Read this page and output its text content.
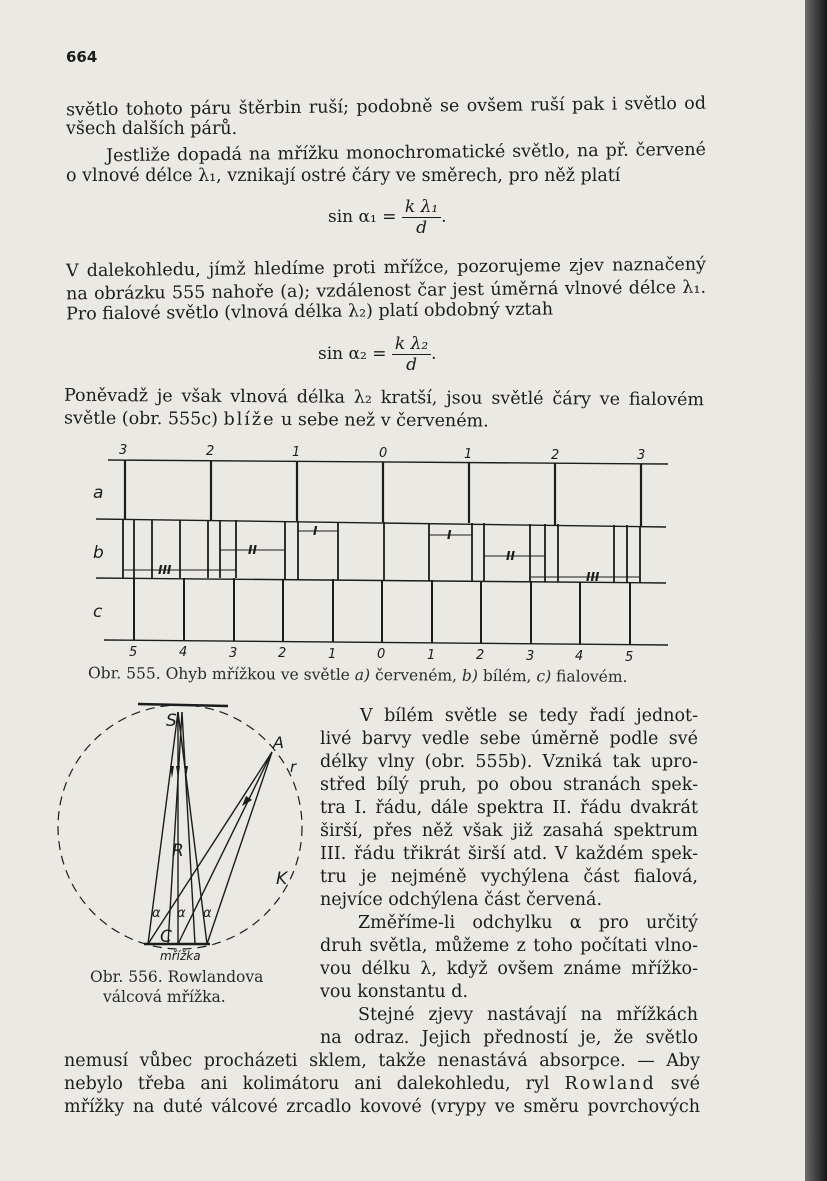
664

světlo tohoto páru štěrbin ruší; podobně se ovšem ruší pak i světlo od

všech dalších párů.

Jestliže dopadá na mřížku monochromatické světlo, na př. červené

o vlnové délce λ₁, vznikají ostré čáry ve směrech, pro něž platí

$\sin \alpha_1 = \frac{\text{k λ₁}}{d}$ .

V dalekohledu, jímž hledíme proti mřížce, pozorujeme zjev naznačený

na obrázku 555 nahoře (a); vzdálenost čar jest úměrná vlnové délce λ₁.

Pro fialové světlo (vlnová délka λ₂) platí obdobný vztah

$\sin \alpha_2 = \frac{\text{k λ₂}}{d}$ .

Poněvadž je však vlnová délka λ₂ kratší, jsou světlé čáry ve fialovém

světle (obr. 555c) blíže u sebe než v červeném.

a
b
c
3	2	1	0	1	2	3
5	4	3	2	1	0	1	2	3	4	5
III
II
I	I
II
III
Obr. 555. Ohyb mřížkou ve světle a) červeném, b) bílém, c) fialovém.
S
A
r
R
K
C
α α α
mřížka
Obr. 556. Rowlandova
válcová mřížka.

V bílém světle se tedy řadí jednot-

livé barvy vedle sebe úměrně podle své

délky vlny (obr. 555b). Vzniká tak upro-

střed bílý pruh, po obou stranách spek-

tra I. řádu, dále spektra II. řádu dvakrát

širší, přes něž však již zasahá spektrum

III. řádu třikrát širší atd. V každém spek-

tru je nejméně vychýlena část fialová,

nejvíce odchýlena část červená.

Změříme-li odchylku α pro určitý

druh světla, můžeme z toho počítati vlno-

vou délku λ, když ovšem známe mřížko-

vou konstantu d.

Stejné zjevy nastávají na mřížkách

na odraz. Jejich předností je, že světlo

nemusí vůbec procházeti sklem, takže nenastává absorpce. — Aby

nebylo třeba ani kolimátoru ani dalekohledu, ryl Rowland své

mřížky na duté válcové zrcadlo kovové (vrypy ve směru povrchových
